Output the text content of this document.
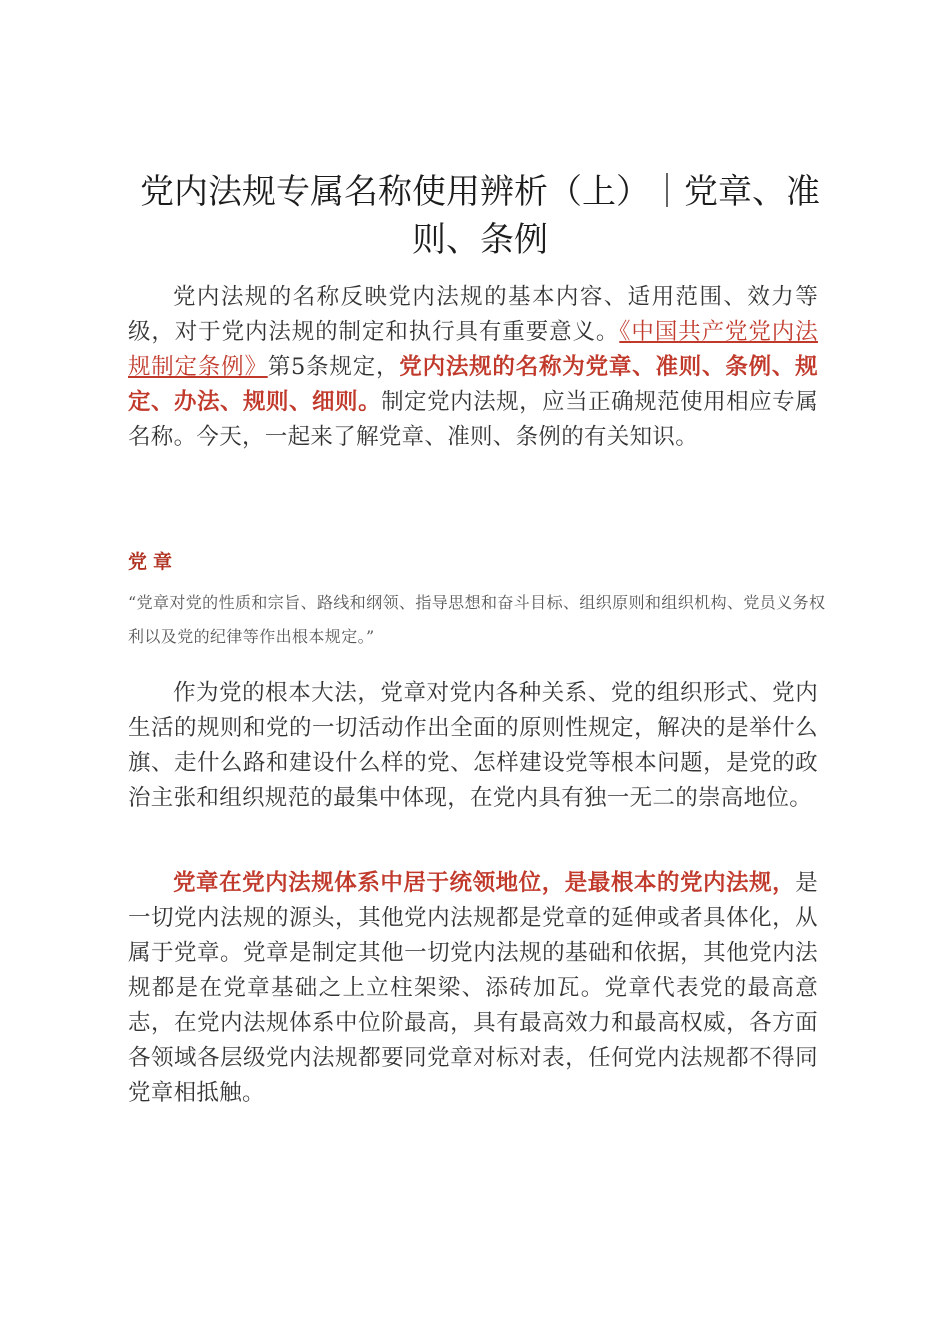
党内法规专属名称使用辨析（上）｜党章、准则、条例
党内法规的名称反映党内法规的基本内容、适用范围、效力等级，对于党内法规的制定和执行具有重要意义。《中国共产党党内法规制定条例》第5条规定，党内法规的名称为党章、准则、条例、规定、办法、规则、细则。制定党内法规，应当正确规范使用相应专属名称。今天，一起来了解党章、准则、条例的有关知识。
党章
“党章对党的性质和宗旨、路线和纲领、指导思想和奋斗目标、组织原则和组织机构、党员义务权利以及党的纪律等作出根本规定。”
作为党的根本大法，党章对党内各种关系、党的组织形式、党内生活的规则和党的一切活动作出全面的原则性规定，解决的是举什么旗、走什么路和建设什么样的党、怎样建设党等根本问题，是党的政治主张和组织规范的最集中体现，在党内具有独一无二的崇高地位。
党章在党内法规体系中居于统领地位，是最根本的党内法规，是一切党内法规的源头，其他党内法规都是党章的延伸或者具体化，从属于党章。党章是制定其他一切党内法规的基础和依据，其他党内法规都是在党章基础之上立柱架梁、添砖加瓦。党章代表党的最高意志，在党内法规体系中位阶最高，具有最高效力和最高权威，各方面各领域各层级党内法规都要同党章对标对表，任何党内法规都不得同党章相抵触。
